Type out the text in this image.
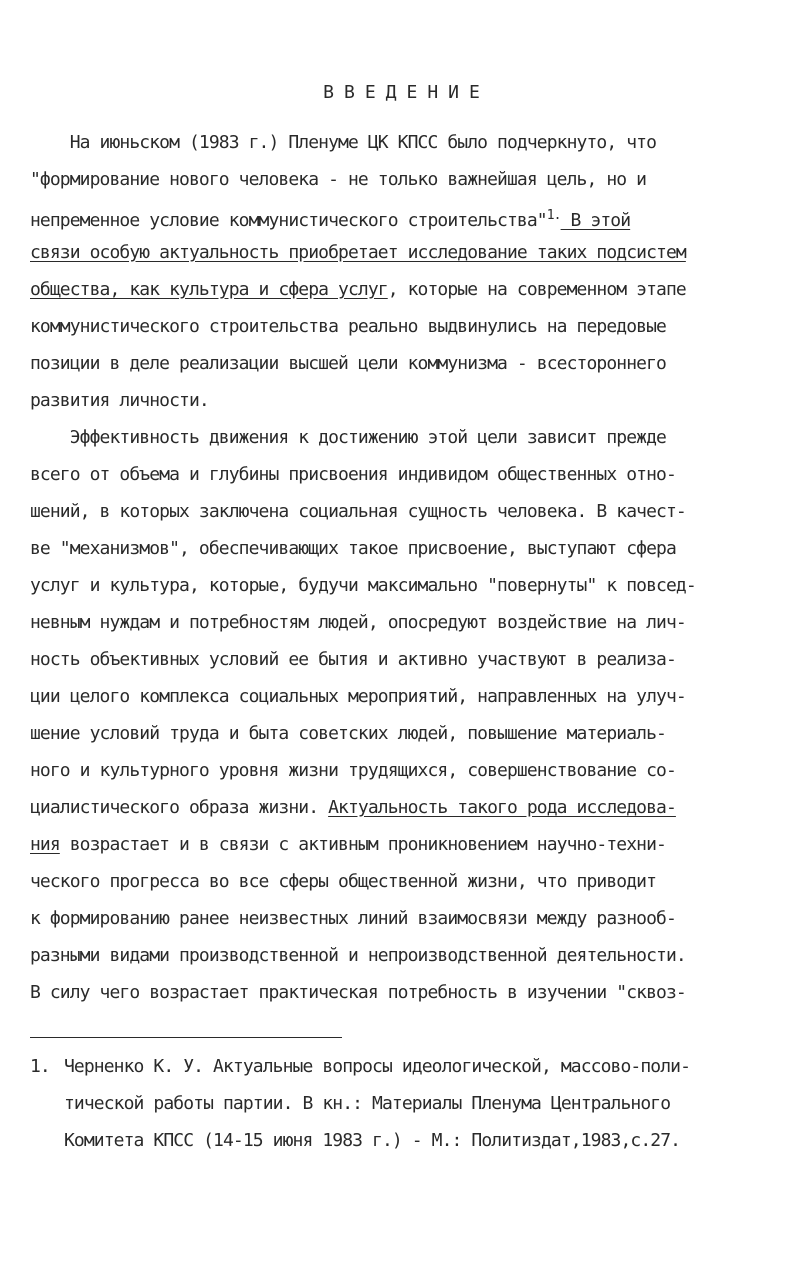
ВВЕДЕНИЕ
На июньском (1983 г.) Пленуме ЦК КПСС было подчеркнуто, что
"формирование нового человека - не только важнейшая цель, но и
непременное условие коммунистического строительства"$^{1.}$ В этой
связи особую актуальность приобретает исследование таких подсистем
общества, как культура и сфера услуг, которые на современном этапе
коммунистического строительства реально выдвинулись на передовые
позиции в деле реализации высшей цели коммунизма - всестороннего
развития личности.
Эффективность движения к достижению этой цели зависит прежде
всего от объема и глубины присвоения индивидом общественных отно-
шений, в которых заключена социальная сущность человека. В качест-
ве "механизмов", обеспечивающих такое присвоение, выступают сфера
услуг и культура, которые, будучи максимально "повернуты" к повсед-
невным нуждам и потребностям людей, опосредуют воздействие на лич-
ность объективных условий ее бытия и активно участвуют в реализа-
ции целого комплекса социальных мероприятий, направленных на улуч-
шение условий труда и быта советских людей, повышение материаль-
ного и культурного уровня жизни трудящихся, совершенствование со-
циалистического образа жизни. Актуальность такого рода исследова-
ния возрастает и в связи с активным проникновением научно-техни-
ческого прогресса во все сферы общественной жизни, что приводит
к формированию ранее неизвестных линий взаимосвязи между разнооб-
разными видами производственной и непроизводственной деятельности.
В силу чего возрастает практическая потребность в изучении "сквоз-
1. Черненко К. У. Актуальные вопросы идеологической, массово-поли-
тической работы партии. В кн.: Материалы Пленума Центрального
Комитета КПСС (14-15 июня 1983 г.) - М.: Политиздат,1983,с.27.
